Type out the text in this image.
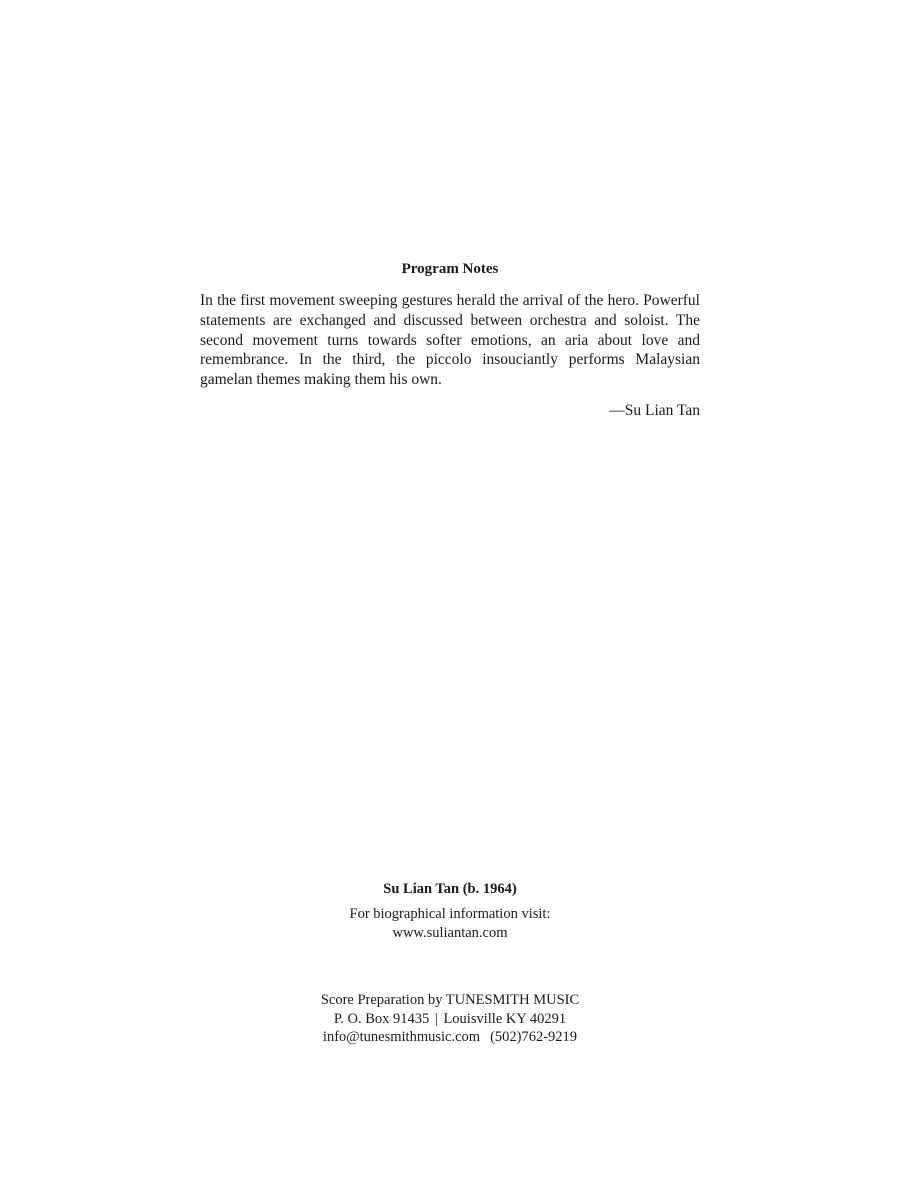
Program Notes

In the first movement sweeping gestures herald the arrival of the hero. Powerful statements are exchanged and discussed between orchestra and soloist. The second movement turns towards softer emotions, an aria about love and remembrance. In the third, the piccolo insouciantly performs Malaysian gamelan themes making them his own.

—Su Lian Tan
Su Lian Tan (b. 1964)
For biographical information visit:
www.suliantan.com
Score Preparation by TUNESMITH MUSIC
P. O. Box 91435 | Louisville KY 40291
info@tunesmithmusic.com (502)762-9219
